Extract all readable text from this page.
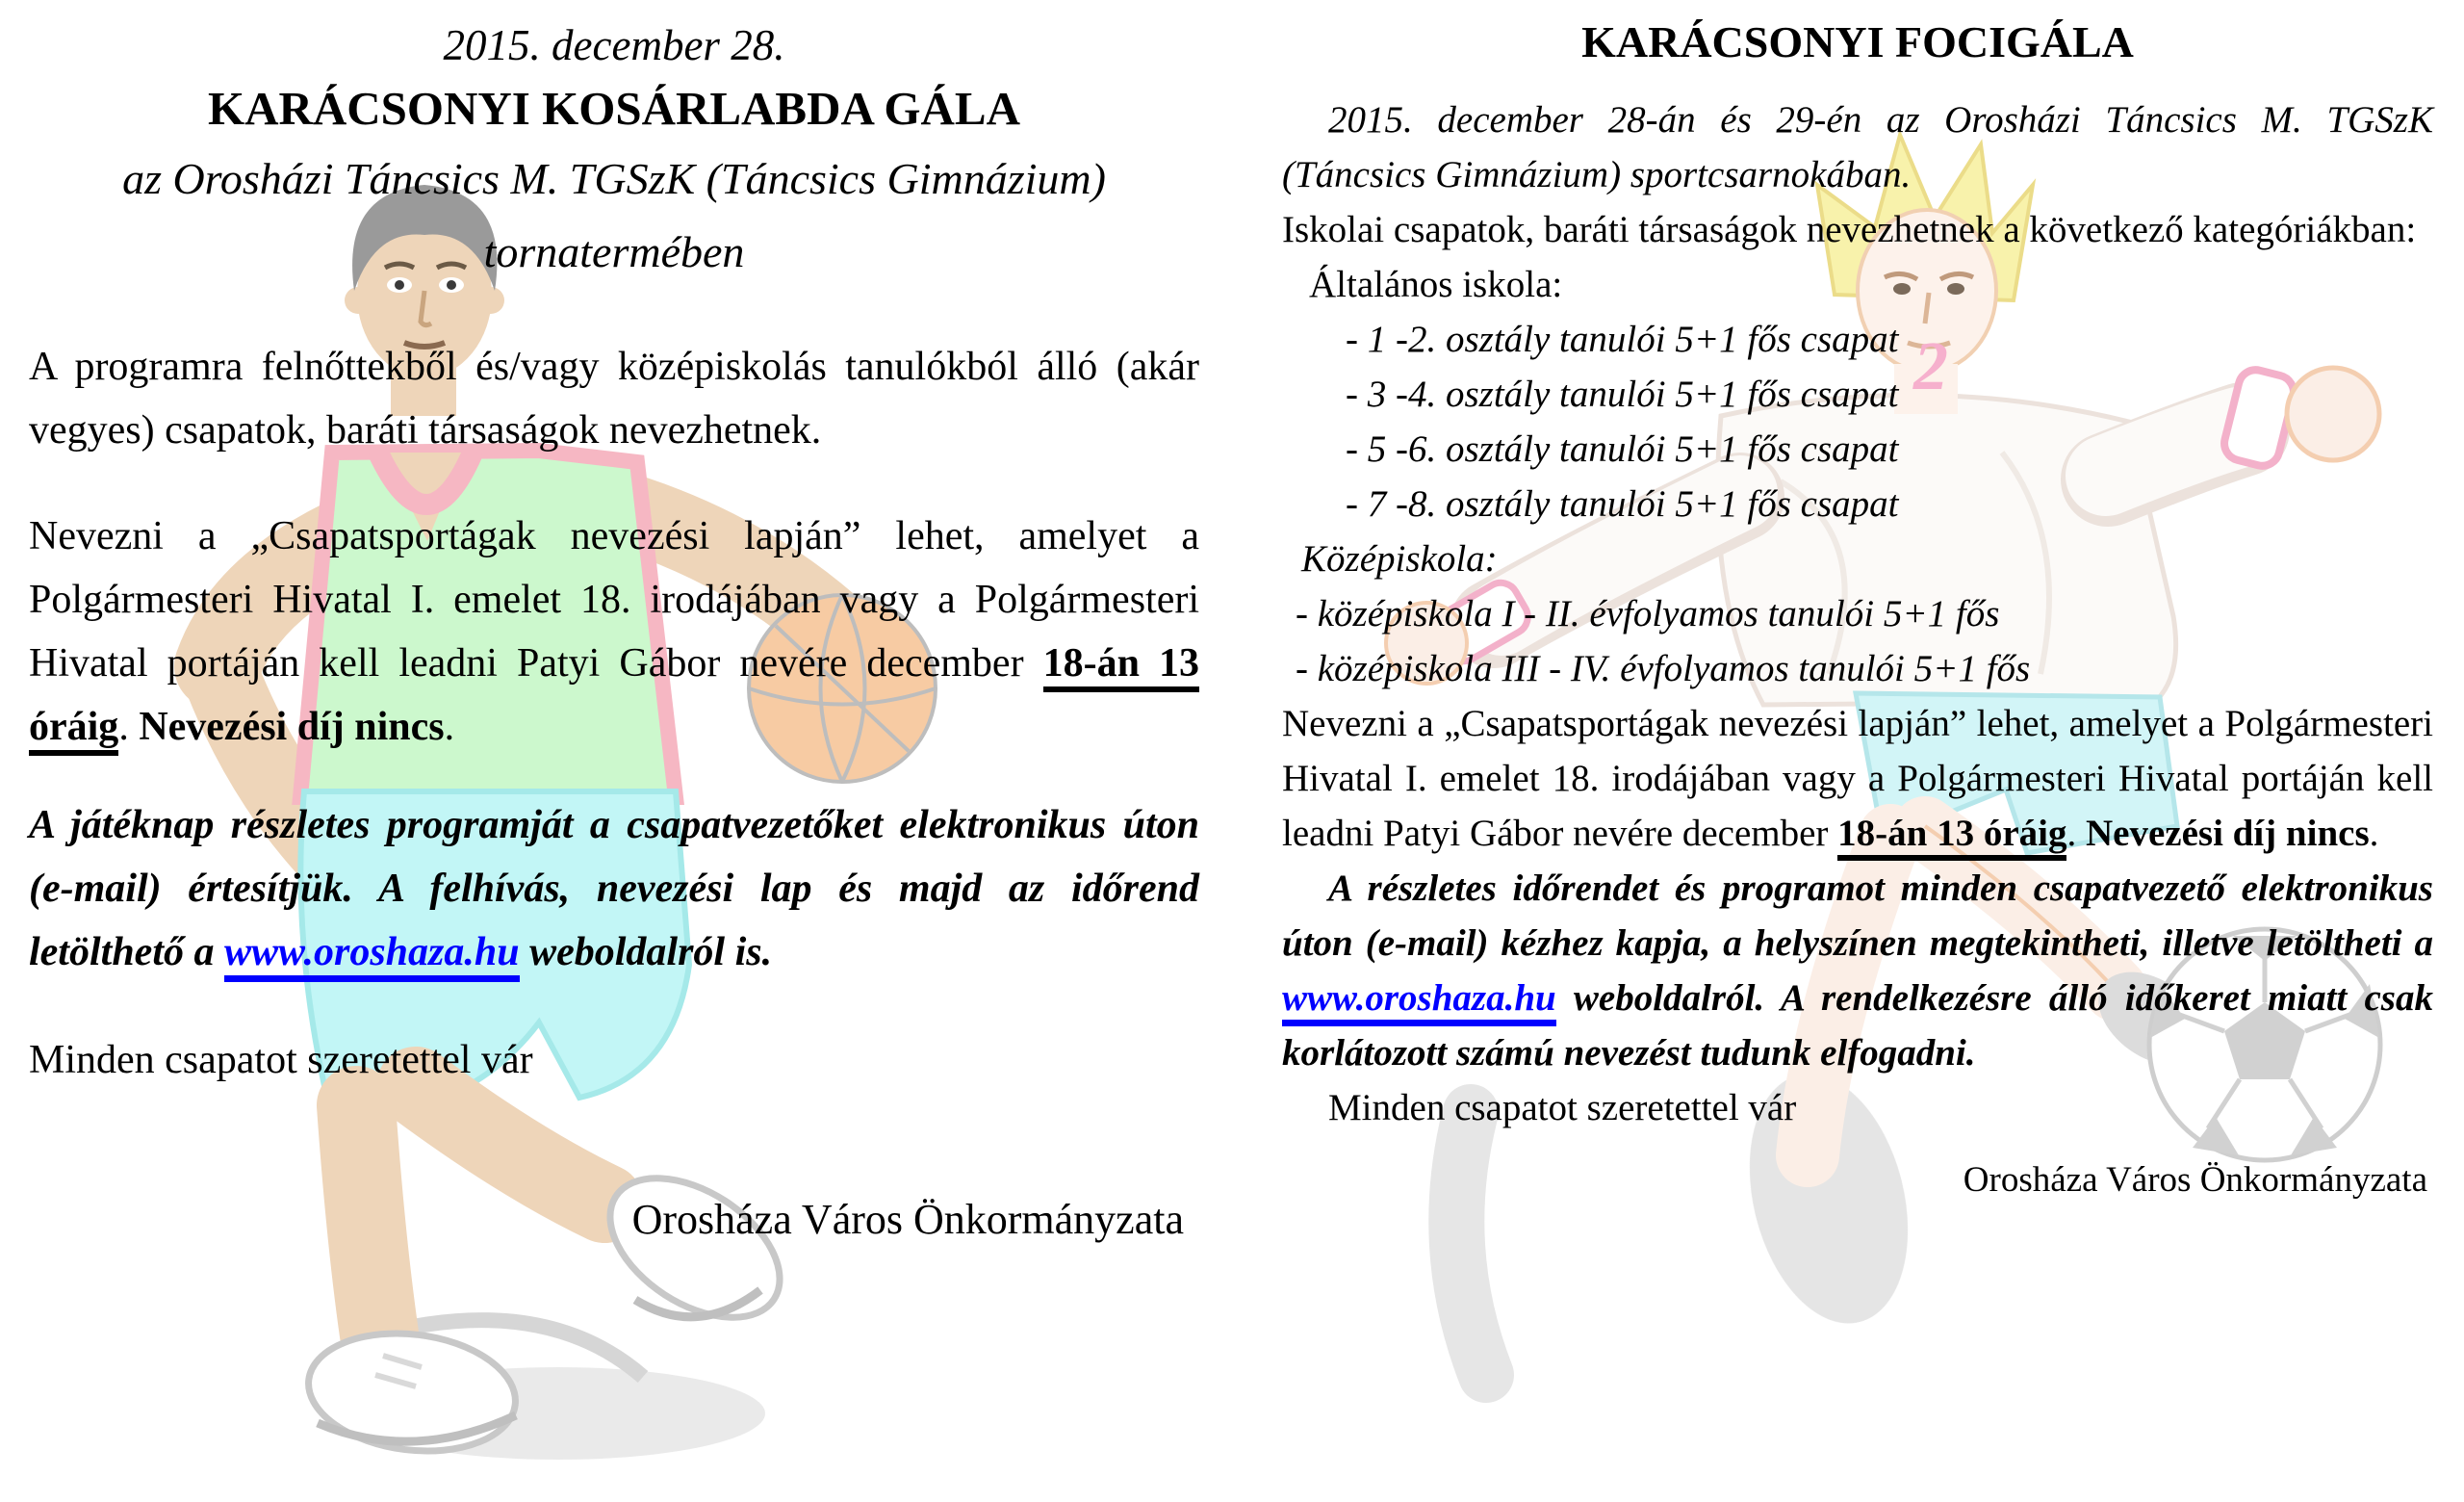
2
2015. december 28.
KARÁCSONYI KOSÁRLABDA GÁLA
az Orosházi Táncsics M. TGSzK (Táncsics Gimnázium) tornatermében
A programra felnőttekből és/vagy középiskolás tanulókból álló (akár vegyes) csapatok, baráti társaságok nevezhetnek.
Nevezni a „Csapatsportágak nevezési lapján” lehet, amelyet a Polgármesteri Hivatal I. emelet 18. irodájában vagy a Polgármesteri Hivatal portáján kell leadni Patyi Gábor nevére december 18-án 13 óráig. Nevezési díj nincs.
A játéknap részletes programját a csapatvezetőket elektronikus úton (e-mail) értesítjük. A felhívás, nevezési lap és majd az időrend letölthető a www.oroshaza.hu weboldalról is.
Minden csapatot szeretettel vár
Orosháza Város Önkormányzata
KARÁCSONYI FOCIGÁLA
2015. december 28-án és 29-én az Orosházi Táncsics M. TGSzK (Táncsics Gimnázium) sportcsarnokában.
Iskolai csapatok, baráti társaságok nevezhetnek a következő kategóriákban:
Általános iskola:
- 1 -2. osztály tanulói 5+1 fős csapat
- 3 -4. osztály tanulói 5+1 fős csapat
- 5 -6. osztály tanulói 5+1 fős csapat
- 7 -8. osztály tanulói 5+1 fős csapat
Középiskola:
- középiskola I - II. évfolyamos tanulói 5+1 fős
- középiskola III - IV. évfolyamos tanulói 5+1 fős
Nevezni a „Csapatsportágak nevezési lapján” lehet, amelyet a Polgármesteri Hivatal I. emelet 18. irodájában vagy a Polgármesteri Hivatal portáján kell leadni Patyi Gábor nevére december 18-án 13 óráig. Nevezési díj nincs.
A részletes időrendet és programot minden csapatvezető elektronikus úton (e-mail) kézhez kapja, a helyszínen megtekintheti, illetve letöltheti a www.oroshaza.hu weboldalról. A rendelkezésre álló időkeret miatt csak korlátozott számú nevezést tudunk elfogadni.
Minden csapatot szeretettel vár
Orosháza Város Önkormányzata
